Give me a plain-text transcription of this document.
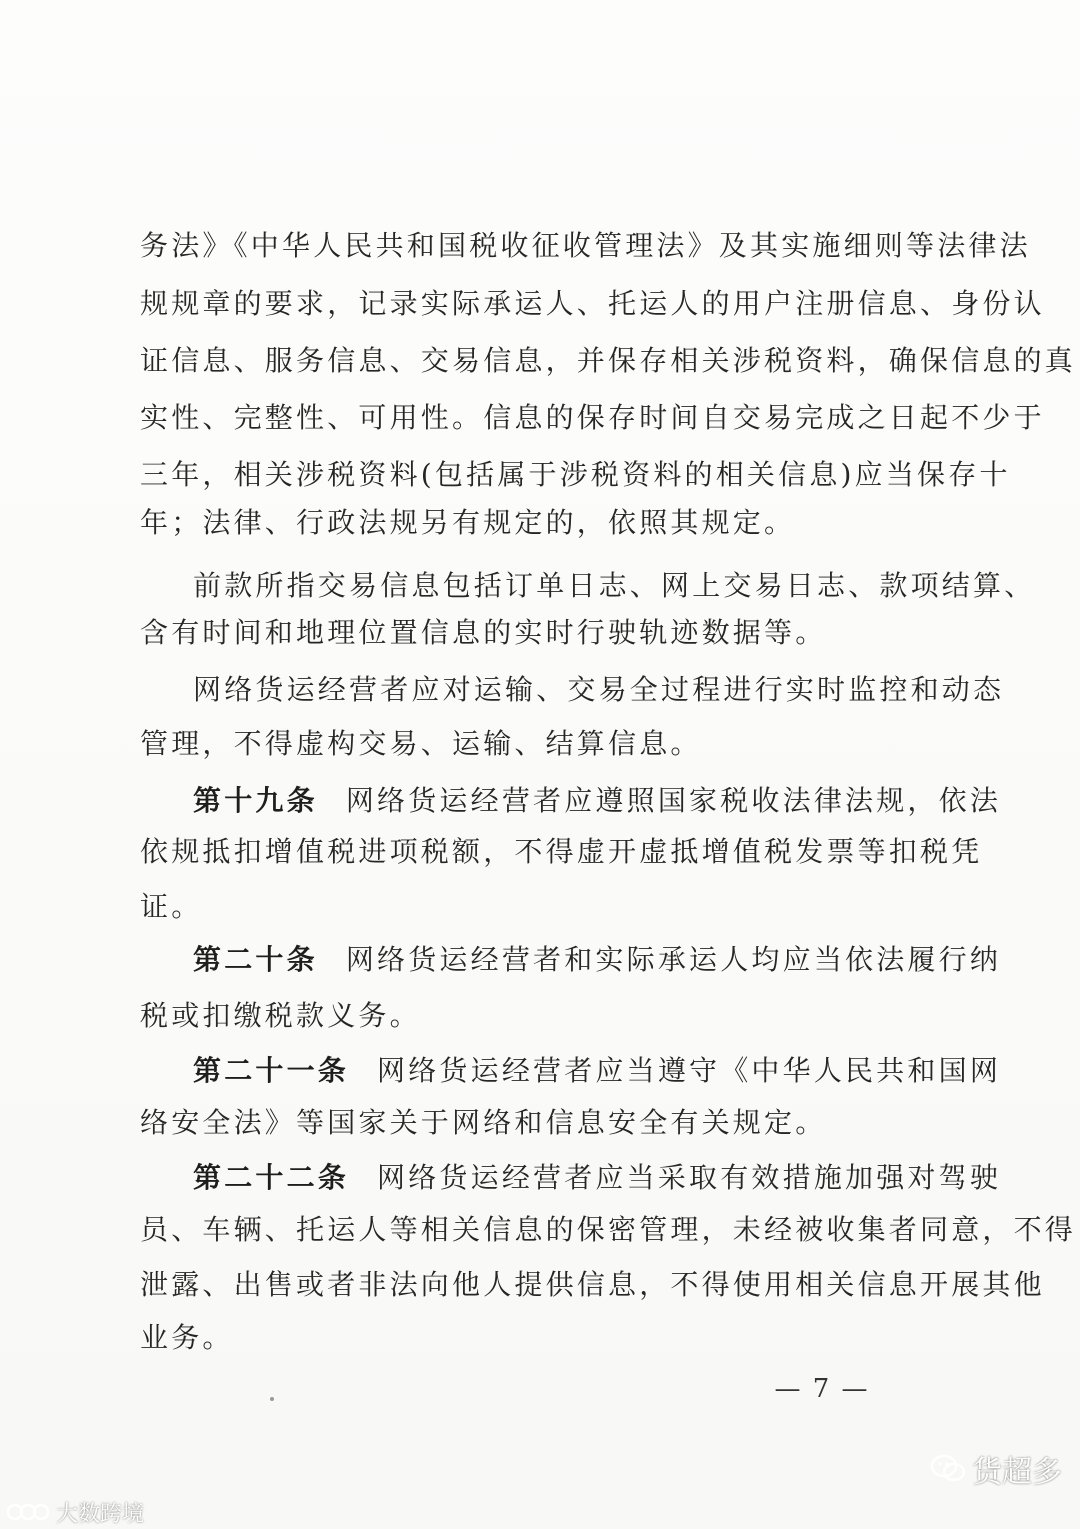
务法》《中华人民共和国税收征收管理法》及其实施细则等法律法
规规章的要求，记录实际承运人、托运人的用户注册信息、身份认
证信息、服务信息、交易信息，并保存相关涉税资料，确保信息的真
实性、完整性、可用性。信息的保存时间自交易完成之日起不少于
三年，相关涉税资料(包括属于涉税资料的相关信息)应当保存十
年；法律、行政法规另有规定的，依照其规定。
前款所指交易信息包括订单日志、网上交易日志、款项结算、
含有时间和地理位置信息的实时行驶轨迹数据等。
网络货运经营者应对运输、交易全过程进行实时监控和动态
管理，不得虚构交易、运输、结算信息。
第十九条 网络货运经营者应遵照国家税收法律法规，依法
依规抵扣增值税进项税额，不得虚开虚抵增值税发票等扣税凭
证。
第二十条 网络货运经营者和实际承运人均应当依法履行纳
税或扣缴税款义务。
第二十一条 网络货运经营者应当遵守《中华人民共和国网
络安全法》等国家关于网络和信息安全有关规定。
第二十二条 网络货运经营者应当采取有效措施加强对驾驶
员、车辆、托运人等相关信息的保密管理，未经被收集者同意，不得
泄露、出售或者非法向他人提供信息，不得使用相关信息开展其他
业务。
— 7 —
大数跨境
货超多
